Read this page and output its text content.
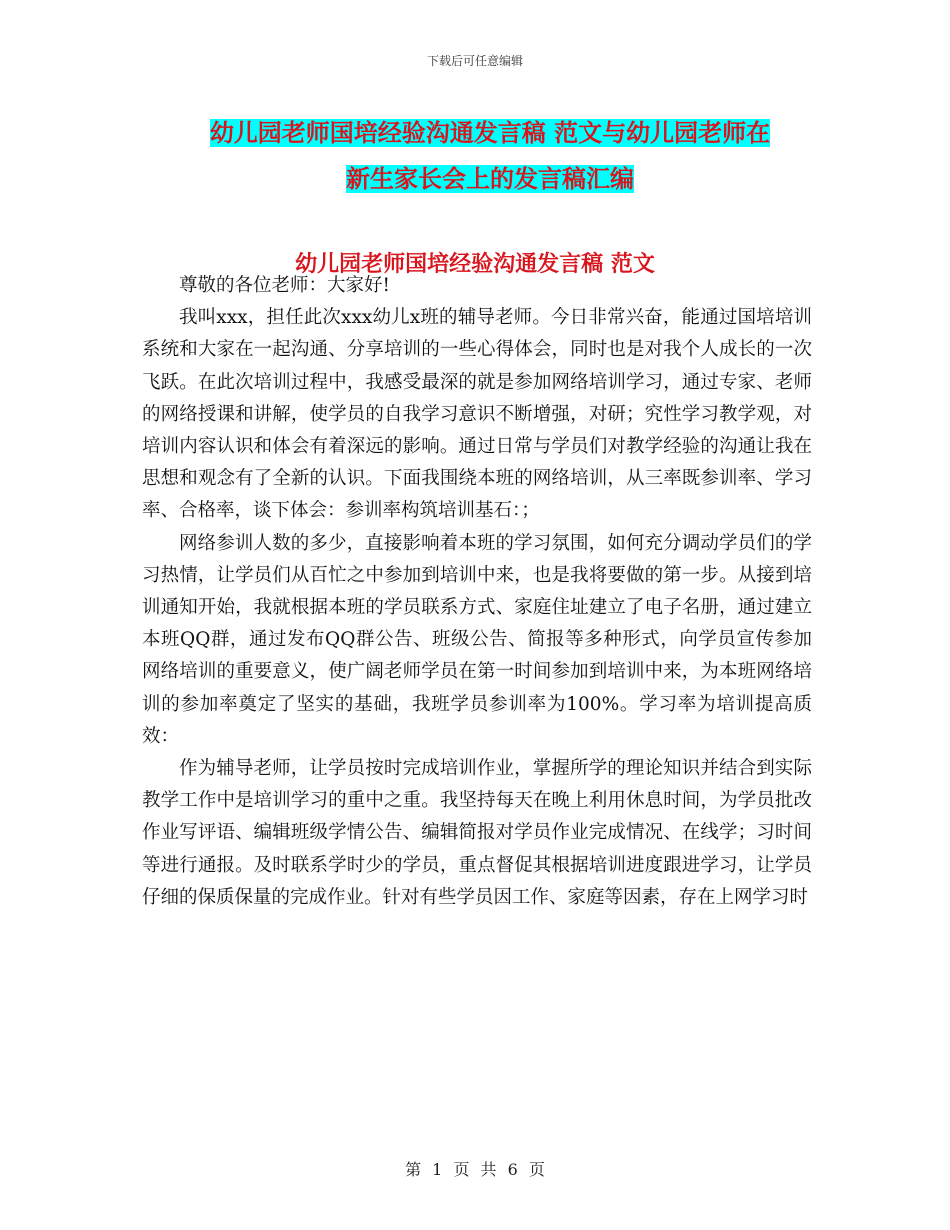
下载后可任意编辑
幼儿园老师国培经验沟通发言稿 范文与幼儿园老师在
新生家长会上的发言稿汇编
幼儿园老师国培经验沟通发言稿 范文

尊敬的各位老师：大家好!

我叫xxx，担任此次xxx幼儿x班的辅导老师。今日非常兴奋，能通过国培培训系统和大家在一起沟通、分享培训的一些心得体会，同时也是对我个人成长的一次飞跃。在此次培训过程中，我感受最深的就是参加网络培训学习，通过专家、老师的网络授课和讲解，使学员的自我学习意识不断增强，对研；究性学习教学观，对培训内容认识和体会有着深远的影响。通过日常与学员们对教学经验的沟通让我在思想和观念有了全新的认识。下面我围绕本班的网络培训，从三率既参训率、学习率、合格率，谈下体会：参训率构筑培训基石：；

网络参训人数的多少，直接影响着本班的学习氛围，如何充分调动学员们的学习热情，让学员们从百忙之中参加到培训中来，也是我将要做的第一步。从接到培训通知开始，我就根据本班的学员联系方式、家庭住址建立了电子名册，通过建立本班QQ群，通过发布QQ群公告、班级公告、简报等多种形式，向学员宣传参加网络培训的重要意义，使广阔老师学员在第一时间参加到培训中来，为本班网络培训的参加率奠定了坚实的基础，我班学员参训率为100%。学习率为培训提高质效：

作为辅导老师，让学员按时完成培训作业，掌握所学的理论知识并结合到实际教学工作中是培训学习的重中之重。我坚持每天在晚上利用休息时间，为学员批改作业写评语、编辑班级学情公告、编辑简报对学员作业完成情况、在线学；习时间等进行通报。及时联系学时少的学员，重点督促其根据培训进度跟进学习，让学员仔细的保质保量的完成作业。针对有些学员因工作、家庭等因素，存在上网学习时

第 1 页 共 6 页
